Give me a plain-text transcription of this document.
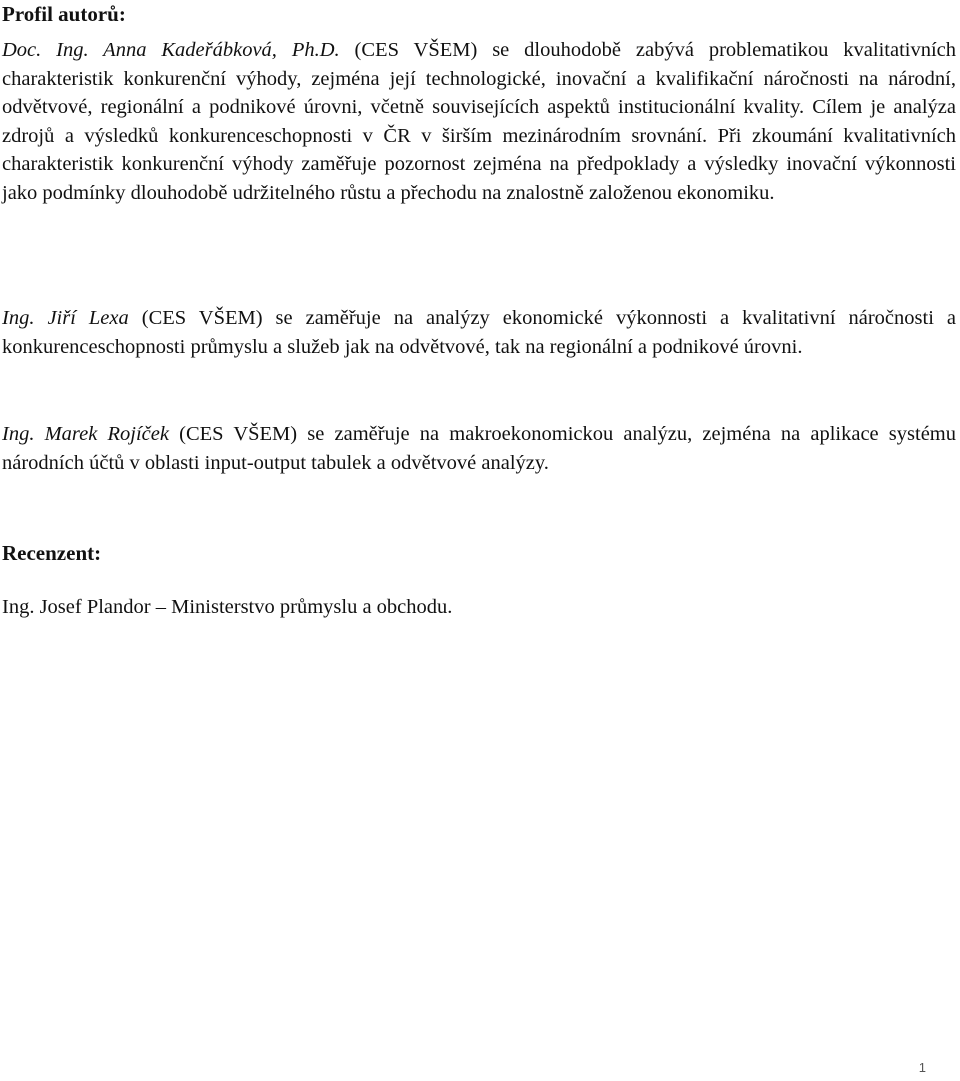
Profil autorů:

Doc. Ing. Anna Kadeřábková, Ph.D. (CES VŠEM) se dlouhodobě zabývá problematikou kvalitativních charakteristik konkurenční výhody, zejména její technologické, inovační a kvalifikační náročnosti na národní, odvětvové, regionální a podnikové úrovni, včetně souvisejících aspektů institucionální kvality. Cílem je analýza zdrojů a výsledků konkurenceschopnosti v ČR v širším mezinárodním srovnání. Při zkoumání kvalitativních charakteristik konkurenční výhody zaměřuje pozornost zejména na předpoklady a výsledky inovační výkonnosti jako podmínky dlouhodobě udržitelného růstu a přechodu na znalostně založenou ekonomiku.

Ing. Jiří Lexa (CES VŠEM) se zaměřuje na analýzy ekonomické výkonnosti a kvalitativní náročnosti a konkurenceschopnosti průmyslu a služeb jak na odvětvové, tak na regionální a podnikové úrovni.

Ing. Marek Rojíček (CES VŠEM) se zaměřuje na makroekonomickou analýzu, zejména na aplikace systému národních účtů v oblasti input-output tabulek a odvětvové analýzy.

Recenzent:
Ing. Josef Plandor – Ministerstvo průmyslu a obchodu.
1
